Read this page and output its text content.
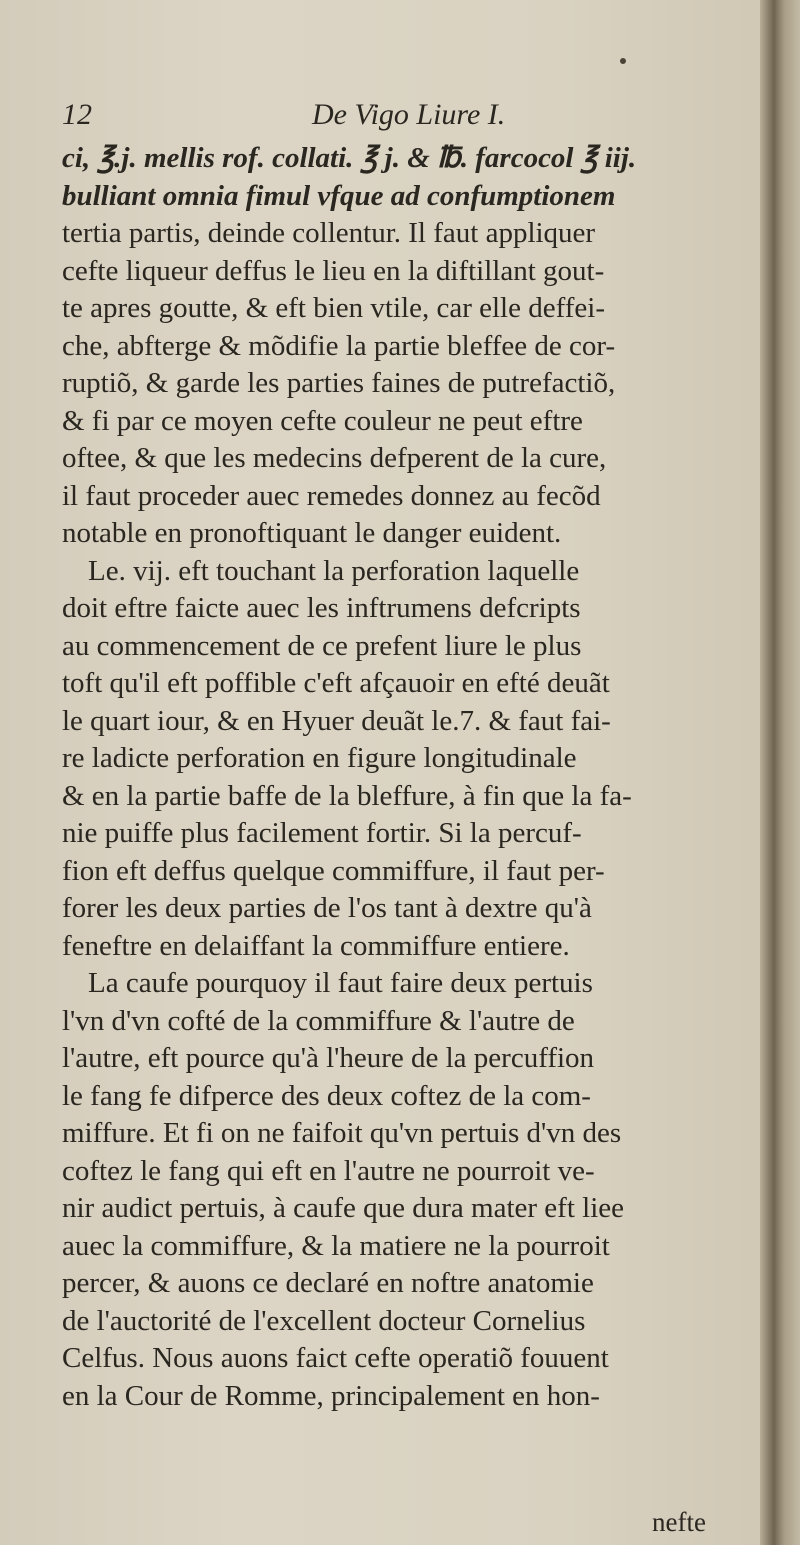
12	De Vigo Liure I.
ci, ℥.j. mellis rof. collati. ℥ j. & ℔. farcocol ℥ iij.
bulliant omnia fimul vfque ad confumptionem
tertia partis, deinde collentur. Il faut appliquer
cefte liqueur deffus le lieu en la diftillant gout-
te apres goutte, & eft bien vtile, car elle deffei-
che, abfterge & mõdifie la partie bleffee de cor-
ruptiõ, & garde les parties faines de putrefactiõ,
& fi par ce moyen cefte couleur ne peut eftre
oftee, & que les medecins defperent de la cure,
il faut proceder auec remedes donnez au fecõd
notable en pronoftiquant le danger euident.
Le. vij. eft touchant la perforation laquelle
doit eftre faicte auec les inftrumens defcripts
au commencement de ce prefent liure le plus
toft qu'il eft poffible c'eft afçauoir en efté deuãt
le quart iour, & en Hyuer deuãt le.7. & faut fai-
re ladicte perforation en figure longitudinale
& en la partie baffe de la bleffure, à fin que la fa-
nie puiffe plus facilement fortir. Si la percuf-
fion eft deffus quelque commiffure, il faut per-
forer les deux parties de l'os tant à dextre qu'à
feneftre en delaiffant la commiffure entiere.
La caufe pourquoy il faut faire deux pertuis
l'vn d'vn cofté de la commiffure & l'autre de
l'autre, eft pource qu'à l'heure de la percuffion
le fang fe difperce des deux coftez de la com-
miffure. Et fi on ne faifoit qu'vn pertuis d'vn des
coftez le fang qui eft en l'autre ne pourroit ve-
nir audict pertuis, à caufe que dura mater eft liee
auec la commiffure, & la matiere ne la pourroit
percer, & auons ce declaré en noftre anatomie
de l'auctorité de l'excellent docteur Cornelius
Celfus. Nous auons faict cefte operatiõ fouuent
en la Cour de Romme, principalement en hon-
nefte
